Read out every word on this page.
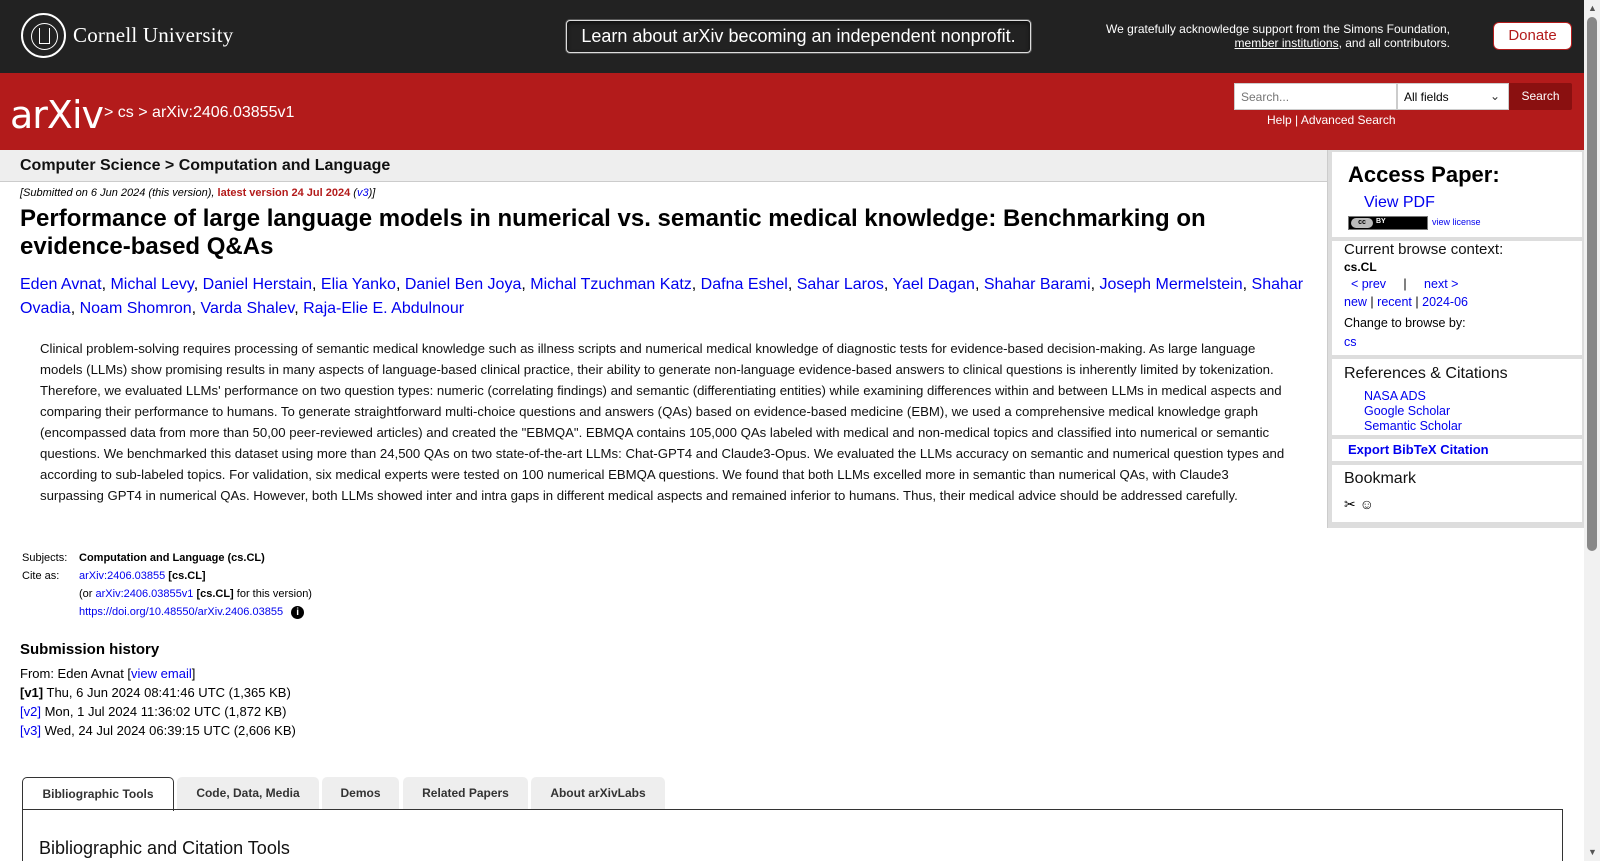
Cornell University	Learn about arXiv becoming an independent nonprofit.	We gratefully acknowledge support from the Simons Foundation, member institutions, and all contributors.	Donate
arXiv > cs > arXiv:2406.03855v1
Search...
All fields	⌄	Search
Help | Advanced Search
Computer Science > Computation and Language
[Submitted on 6 Jun 2024 (this version), latest version 24 Jul 2024 (v3)]
Performance of large language models in numerical vs. semantic medical knowledge: Benchmarking on evidence-based Q&As
Eden Avnat, Michal Levy, Daniel Herstain, Elia Yanko, Daniel Ben Joya, Michal Tzuchman Katz, Dafna Eshel, Sahar Laros, Yael Dagan, Shahar Barami, Joseph Mermelstein, Shahar Ovadia, Noam Shomron, Varda Shalev, Raja-Elie E. Abdulnour
Clinical problem-solving requires processing of semantic medical knowledge such as illness scripts and numerical medical knowledge of diagnostic tests for evidence-based decision-making. As large language models (LLMs) show promising results in many aspects of language-based clinical practice, their ability to generate non-language evidence-based answers to clinical questions is inherently limited by tokenization. Therefore, we evaluated LLMs' performance on two question types: numeric (correlating findings) and semantic (differentiating entities) while examining differences within and between LLMs in medical aspects and comparing their performance to humans. To generate straightforward multi-choice questions and answers (QAs) based on evidence-based medicine (EBM), we used a comprehensive medical knowledge graph (encompassed data from more than 50,00 peer-reviewed articles) and created the "EBMQA". EBMQA contains 105,000 QAs labeled with medical and non-medical topics and classified into numerical or semantic questions. We benchmarked this dataset using more than 24,500 QAs on two state-of-the-art LLMs: Chat-GPT4 and Claude3-Opus. We evaluated the LLMs accuracy on semantic and numerical question types and according to sub-labeled topics. For validation, six medical experts were tested on 100 numerical EBMQA questions. We found that both LLMs excelled more in semantic than numerical QAs, with Claude3 surpassing GPT4 in numerical QAs. However, both LLMs showed inter and intra gaps in different medical aspects and remained inferior to humans. Thus, their medical advice should be addressed carefully.
Subjects:	Computation and Language (cs.CL)
Cite as:	arXiv:2406.03855 [cs.CL]
	(or arXiv:2406.03855v1 [cs.CL] for this version)
	https://doi.org/10.48550/arXiv.2406.03855 i
Submission history
From: Eden Avnat [view email]
[v1] Thu, 6 Jun 2024 08:41:46 UTC (1,365 KB)
[v2] Mon, 1 Jul 2024 11:36:02 UTC (1,872 KB)
[v3] Wed, 24 Jul 2024 06:39:15 UTC (2,606 KB)
Bibliographic Tools	Code, Data, Media	Demos	Related Papers	About arXivLabs
Bibliographic and Citation Tools
Access Paper:
View PDF
cc	BY	view license
Current browse context:
cs.CL
< prev | next >
new | recent | 2024-06
Change to browse by:
cs
References & Citations
NASA ADS
Google Scholar
Semantic Scholar
Export BibTeX Citation
Bookmark
✂ ☺
▲
▼
